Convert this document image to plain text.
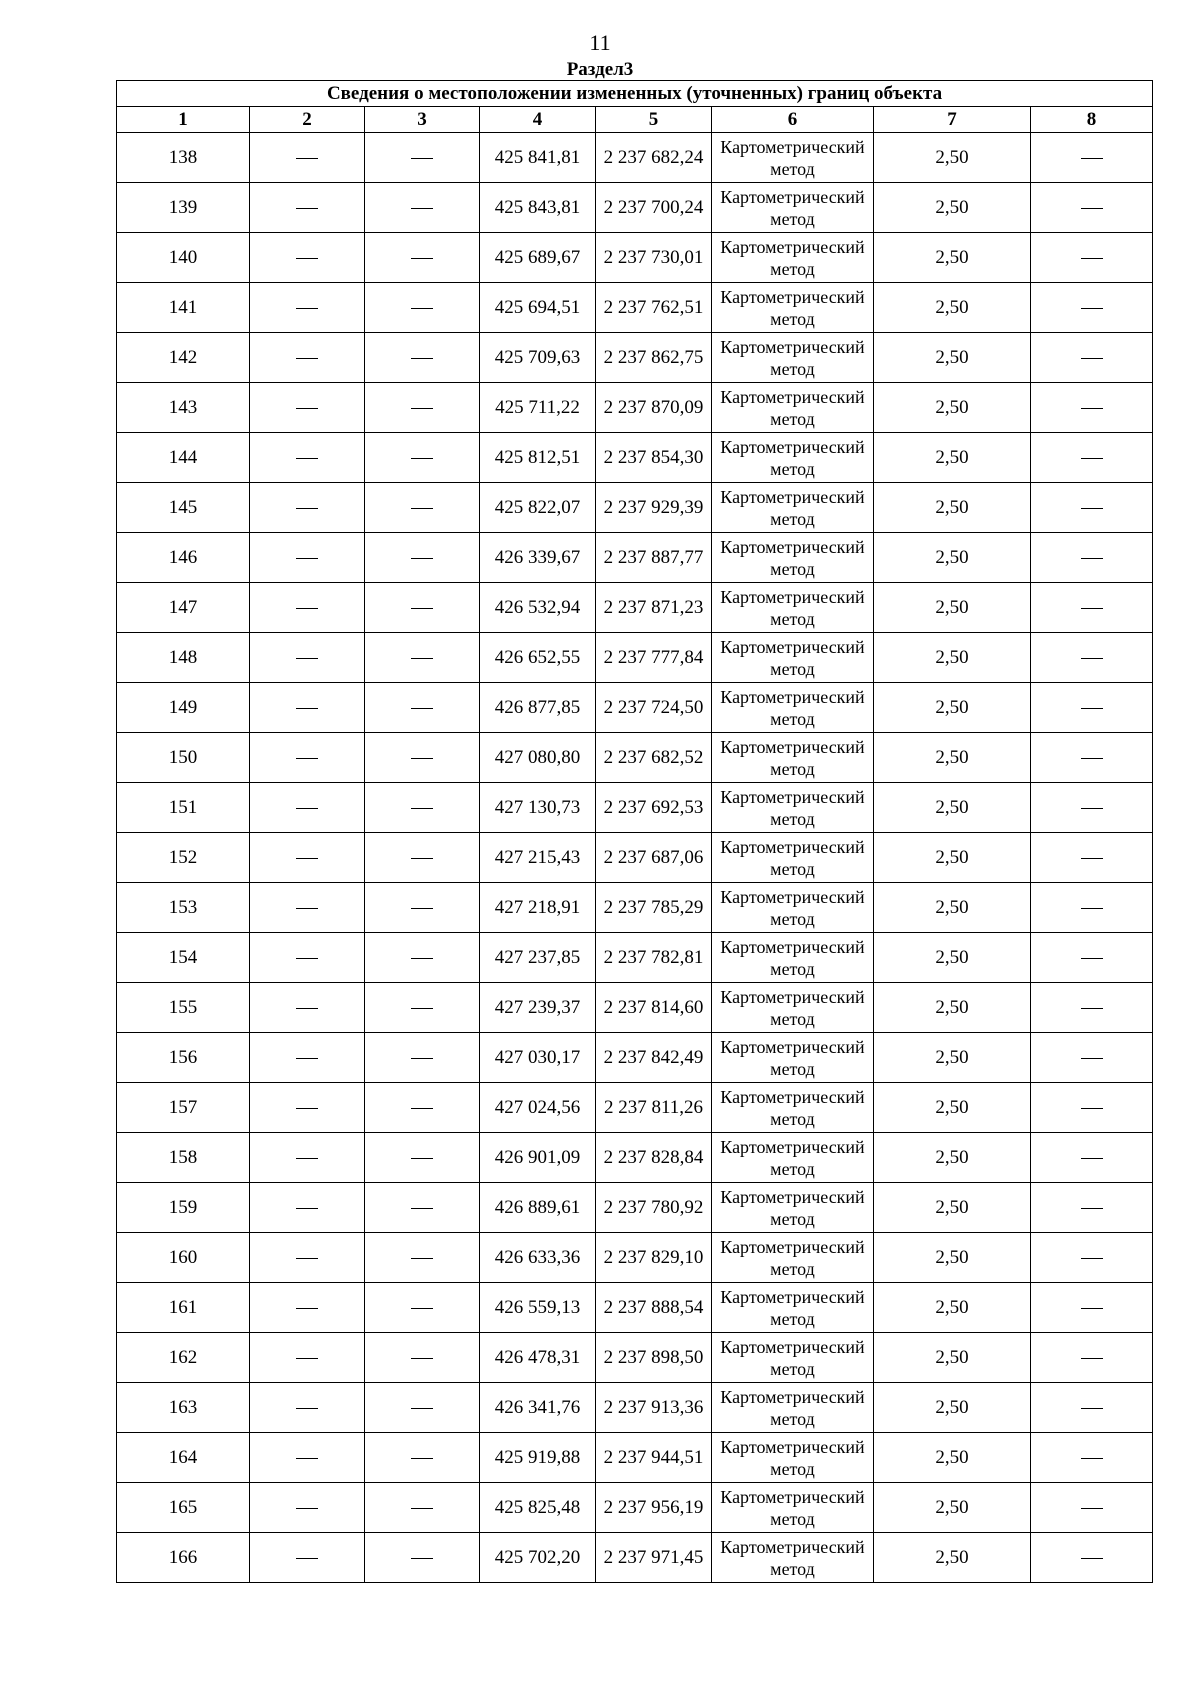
11
Раздел3
Сведения о местоположении измененных (уточненных) границ объекта							
1	2	3	4	5	6	7	8
138			425 841,81	2 237 682,24	Картометрический метод	2,50	
139			425 843,81	2 237 700,24	Картометрический метод	2,50	
140			425 689,67	2 237 730,01	Картометрический метод	2,50	
141			425 694,51	2 237 762,51	Картометрический метод	2,50	
142			425 709,63	2 237 862,75	Картометрический метод	2,50	
143			425 711,22	2 237 870,09	Картометрический метод	2,50	
144			425 812,51	2 237 854,30	Картометрический метод	2,50	
145			425 822,07	2 237 929,39	Картометрический метод	2,50	
146			426 339,67	2 237 887,77	Картометрический метод	2,50	
147			426 532,94	2 237 871,23	Картометрический метод	2,50	
148			426 652,55	2 237 777,84	Картометрический метод	2,50	
149			426 877,85	2 237 724,50	Картометрический метод	2,50	
150			427 080,80	2 237 682,52	Картометрический метод	2,50	
151			427 130,73	2 237 692,53	Картометрический метод	2,50	
152			427 215,43	2 237 687,06	Картометрический метод	2,50	
153			427 218,91	2 237 785,29	Картометрический метод	2,50	
154			427 237,85	2 237 782,81	Картометрический метод	2,50	
155			427 239,37	2 237 814,60	Картометрический метод	2,50	
156			427 030,17	2 237 842,49	Картометрический метод	2,50	
157			427 024,56	2 237 811,26	Картометрический метод	2,50	
158			426 901,09	2 237 828,84	Картометрический метод	2,50	
159			426 889,61	2 237 780,92	Картометрический метод	2,50	
160			426 633,36	2 237 829,10	Картометрический метод	2,50	
161			426 559,13	2 237 888,54	Картометрический метод	2,50	
162			426 478,31	2 237 898,50	Картометрический метод	2,50	
163			426 341,76	2 237 913,36	Картометрический метод	2,50	
164			425 919,88	2 237 944,51	Картометрический метод	2,50	
165			425 825,48	2 237 956,19	Картометрический метод	2,50	
166			425 702,20	2 237 971,45	Картометрический метод	2,50	
